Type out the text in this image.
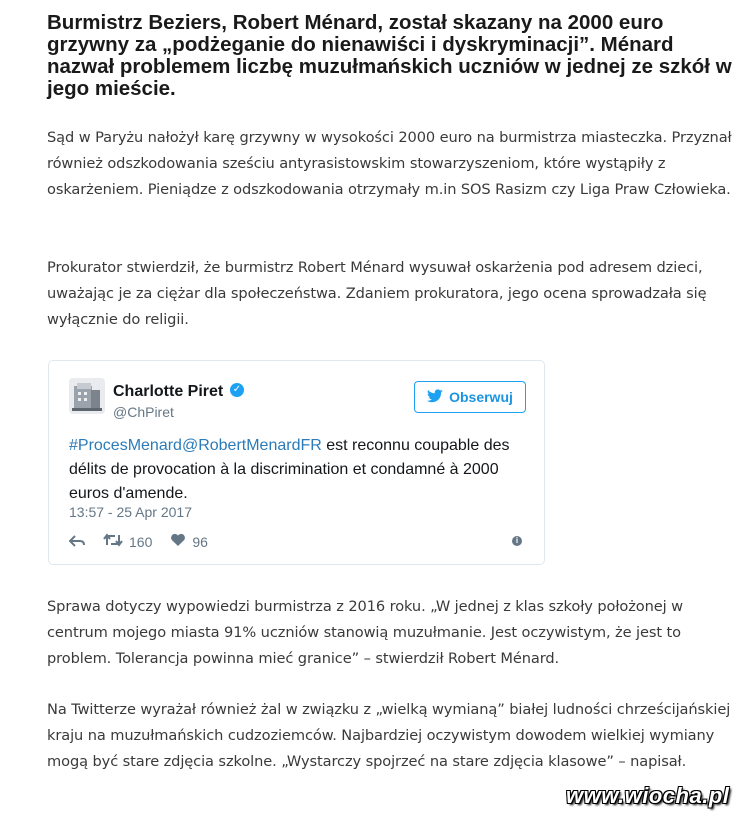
Burmistrz Beziers, Robert Ménard, został skazany na 2000 euro grzywny za „podżeganie do nienawiści i dyskryminacji”. Ménard nazwał problemem liczbę muzułmańskich uczniów w jednej ze szkół w jego mieście.

Sąd w Paryżu nałożył karę grzywny w wysokości 2000 euro na burmistrza miasteczka. Przyznał również odszkodowania sześciu antyrasistowskim stowarzyszeniom, które wystąpiły z oskarżeniem. Pieniądze z odszkodowania otrzymały m.in SOS Rasizm czy Liga Praw Człowieka.

Prokurator stwierdził, że burmistrz Robert Ménard wysuwał oskarżenia pod adresem dzieci, uważając je za ciężar dla społeczeństwa. Zdaniem prokuratora, jego ocena sprowadzała się wyłącznie do religii.

Charlotte Piret ✓
@ChPiret
Obserwuj
#ProcesMenard@RobertMenardFR est reconnu coupable des délits de provocation à la discrimination et condamné à 2000 euros d'amende.
13:57 - 25 Apr 2017
160	96	i

Sprawa dotyczy wypowiedzi burmistrza z 2016 roku. „W jednej z klas szkoły położonej w centrum mojego miasta 91% uczniów stanowią muzułmanie. Jest oczywistym, że jest to problem. Tolerancja powinna mieć granice” – stwierdził Robert Ménard.

Na Twitterze wyrażał również żal w związku z „wielką wymianą” białej ludności chrześcijańskiej kraju na muzułmańskich cudzoziemców. Najbardziej oczywistym dowodem wielkiej wymiany mogą być stare zdjęcia szkolne. „Wystarczy spojrzeć na stare zdjęcia klasowe” – napisał.

www.wiocha.pl
